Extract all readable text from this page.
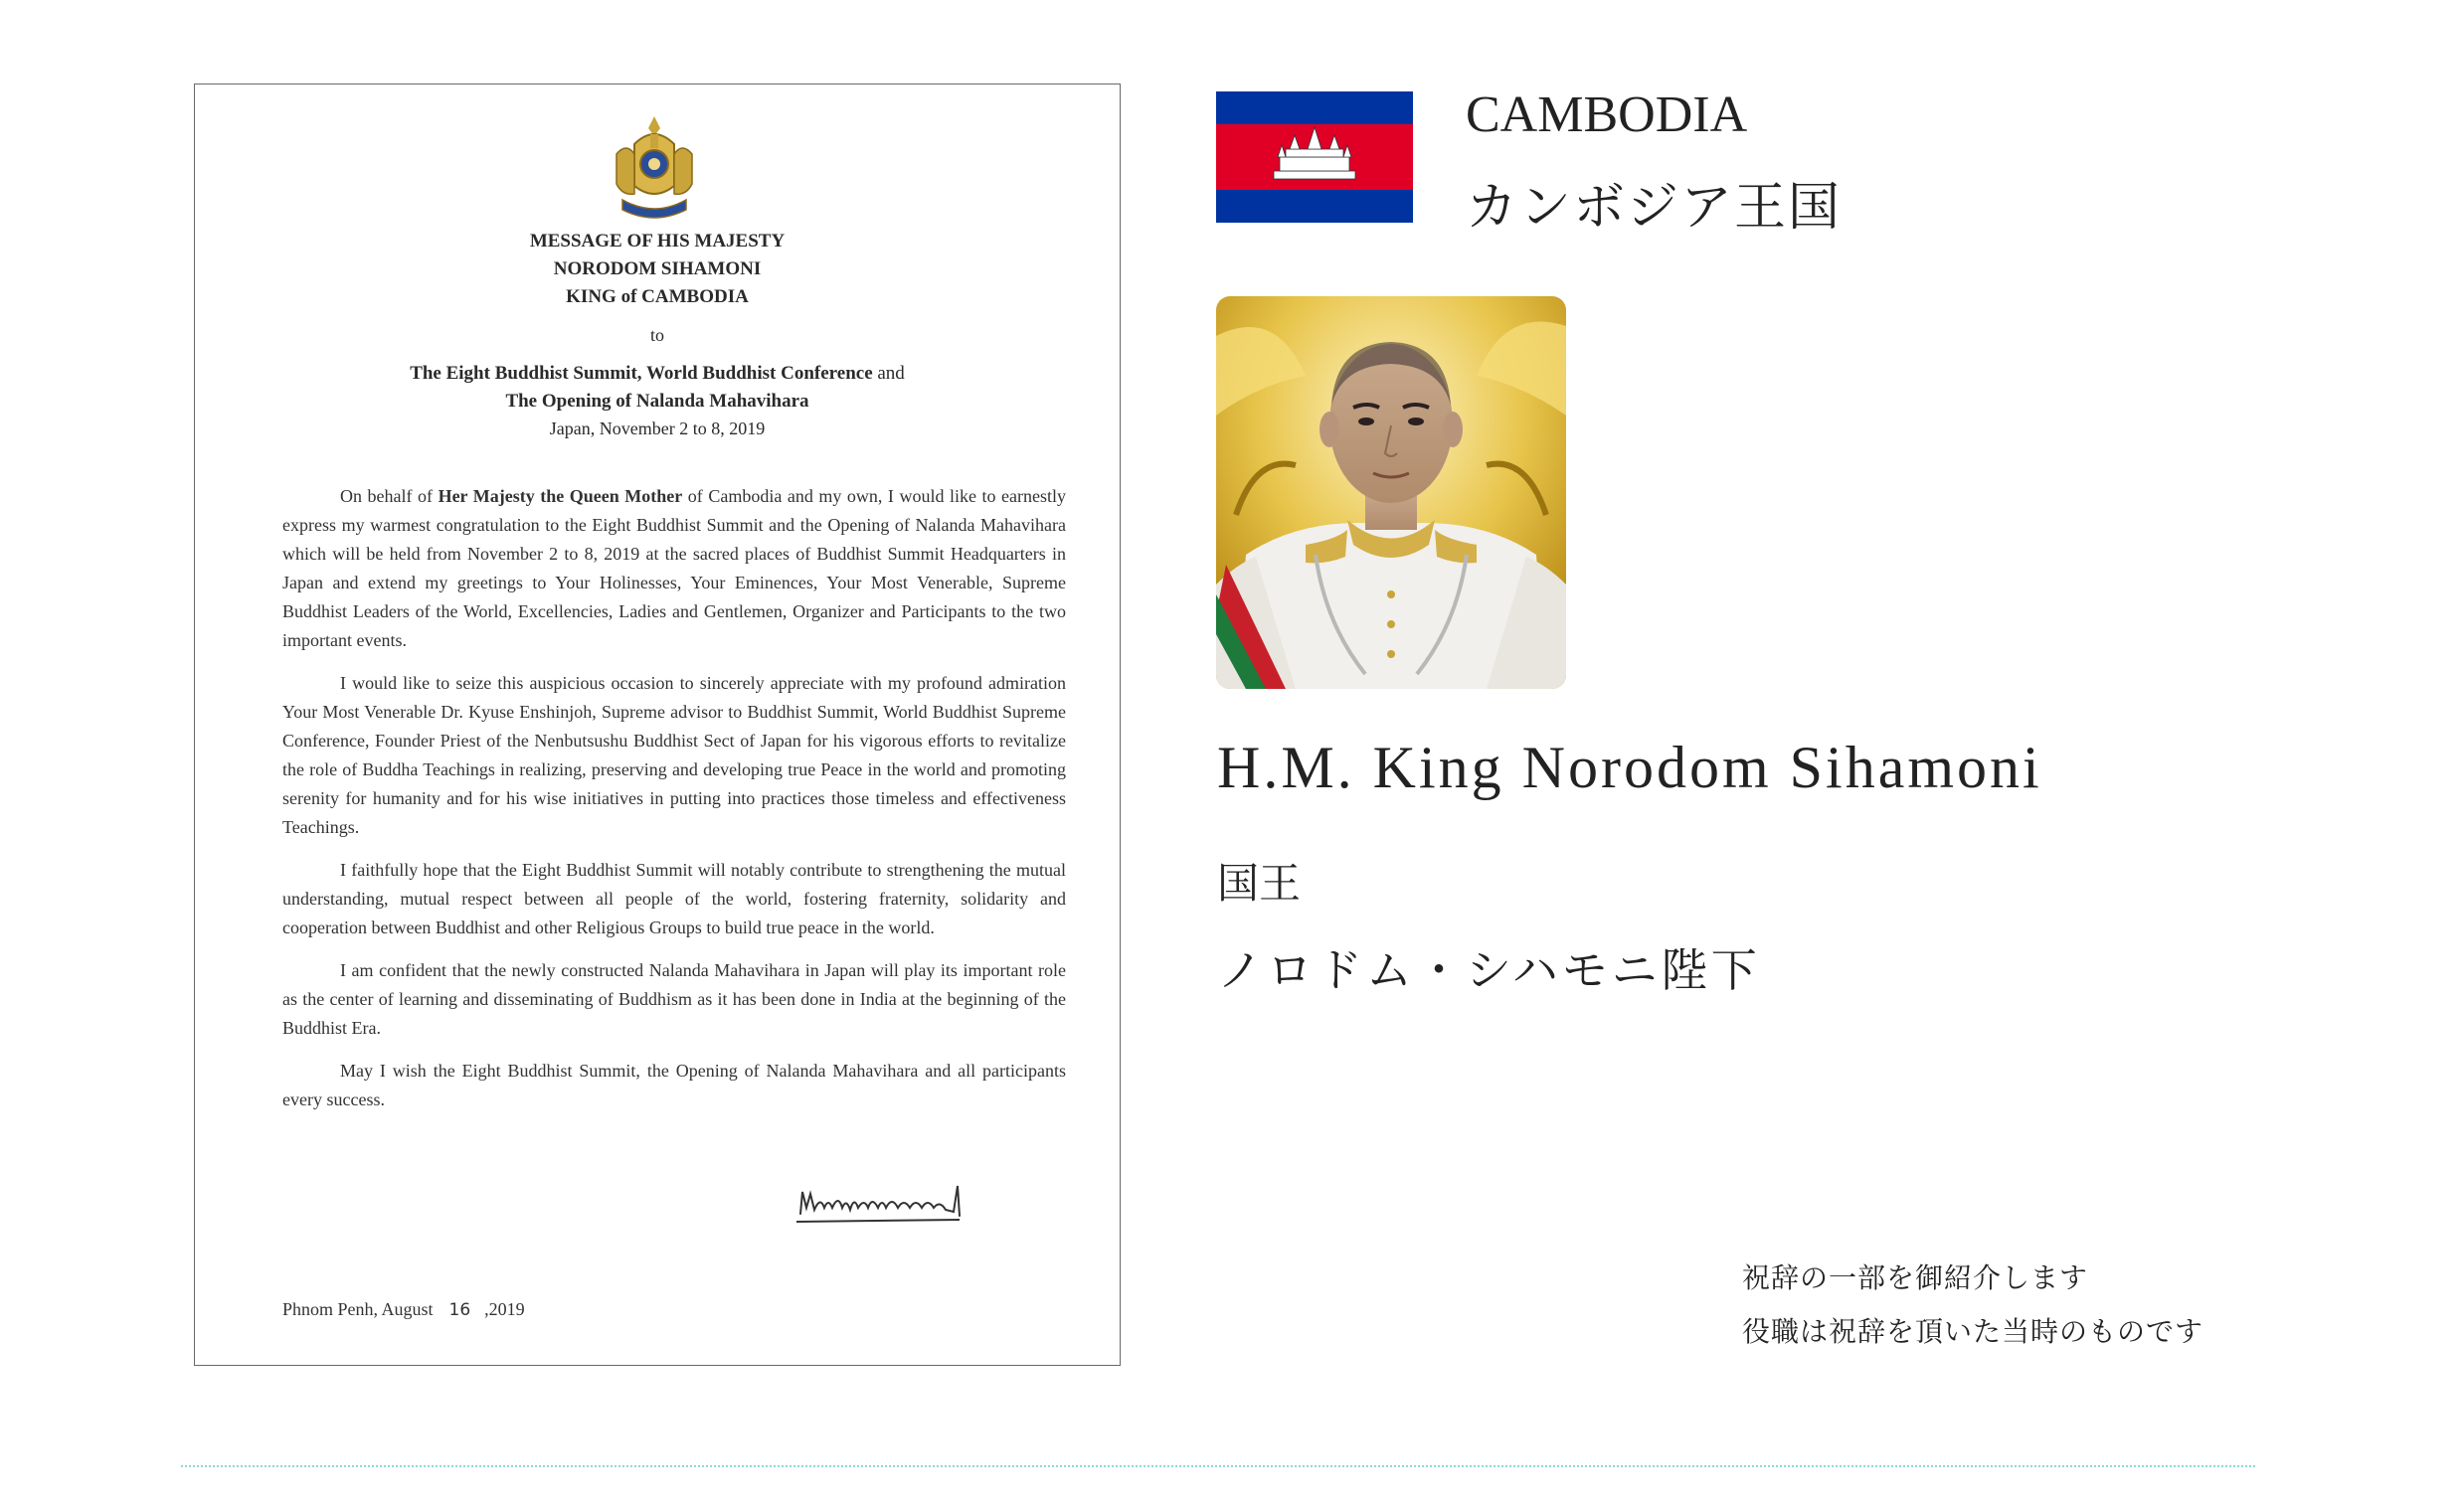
MESSAGE OF HIS MAJESTY
NORODOM SIHAMONI
KING of CAMBODIA
to
The Eight Buddhist Summit, World Buddhist Conference and
The Opening of Nalanda Mahavihara
Japan, November 2 to 8, 2019

On behalf of Her Majesty the Queen Mother of Cambodia and my own, I would like to earnestly express my warmest congratulation to the Eight Buddhist Summit and the Opening of Nalanda Mahavihara which will be held from November 2 to 8, 2019 at the sacred places of Buddhist Summit Headquarters in Japan and extend my greetings to Your Holinesses, Your Eminences, Your Most Venerable, Supreme Buddhist Leaders of the World, Excellencies, Ladies and Gentlemen, Organizer and Participants to the two important events.

I would like to seize this auspicious occasion to sincerely appreciate with my profound admiration Your Most Venerable Dr. Kyuse Enshinjoh, Supreme advisor to Buddhist Summit, World Buddhist Supreme Conference, Founder Priest of the Nenbutsushu Buddhist Sect of Japan for his vigorous efforts to revitalize the role of Buddha Teachings in realizing, preserving and developing true Peace in the world and promoting serenity for humanity and for his wise initiatives in putting into practices those timeless and effectiveness Teachings.

I faithfully hope that the Eight Buddhist Summit will notably contribute to strengthening the mutual understanding, mutual respect between all people of the world, fostering fraternity, solidarity and cooperation between Buddhist and other Religious Groups to build true peace in the world.

I am confident that the newly constructed Nalanda Mahavihara in Japan will play its important role as the center of learning and disseminating of Buddhism as it has been done in India at the beginning of the Buddhist Era.

May I wish the Eight Buddhist Summit, the Opening of Nalanda Mahavihara and all participants every success.

Phnom Penh, August 16 ,2019
CAMBODIA
カンボジア王国
H.M. King Norodom Sihamoni
国王
ノロドム・シハモニ陛下
祝辞の一部を御紹介します
役職は祝辞を頂いた当時のものです
